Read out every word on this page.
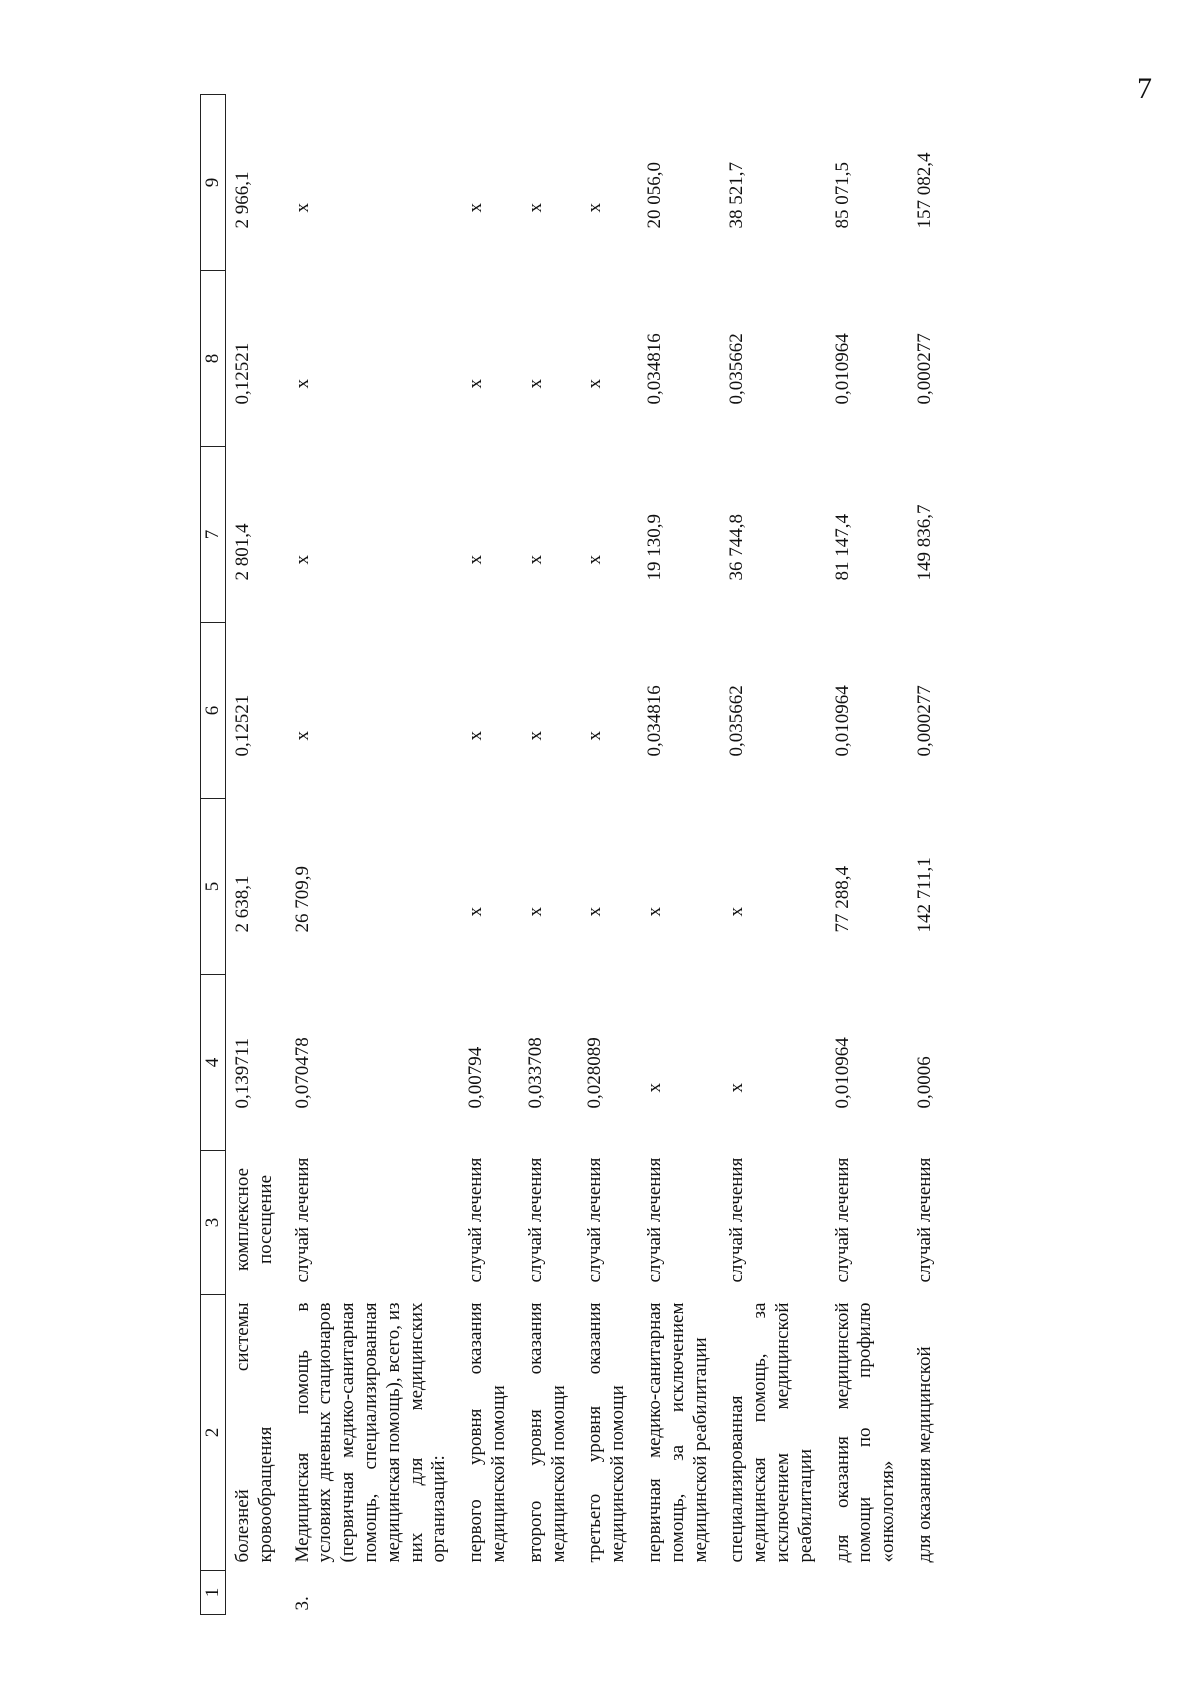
7
1	2	3	4	5	6	7	8	9
	болезней системы кровообращения	комплексное посещение	0,139711	2 638,1	0,12521	2 801,4	0,12521	2 966,1
3.	Медицинская помощь в условиях дневных стационаров (первичная медико-санитарная помощь, специализированная медицинская помощь), всего, из них для медицинских организаций:	случай лечения	0,070478	26 709,9	х	х	х	х
	первого уровня оказания медицинской помощи	случай лечения	0,00794	х	х	х	х	х
	второго уровня оказания медицинской помощи	случай лечения	0,033708	х	х	х	х	х
	третьего уровня оказания медицинской помощи	случай лечения	0,028089	х	х	х	х	х
	первичная медико-санитарная помощь, за исключением медицинской реабилитации	случай лечения	х	х	0,034816	19 130,9	0,034816	20 056,0
	специализированная медицинская помощь, за исключением медицинской реабилитации	случай лечения	х	х	0,035662	36 744,8	0,035662	38 521,7
	для оказания медицинской помощи по профилю «онкология»	случай лечения	0,010964	77 288,4	0,010964	81 147,4	0,010964	85 071,5
	для оказания медицинской	случай лечения	0,0006	142 711,1	0,000277	149 836,7	0,000277	157 082,4
